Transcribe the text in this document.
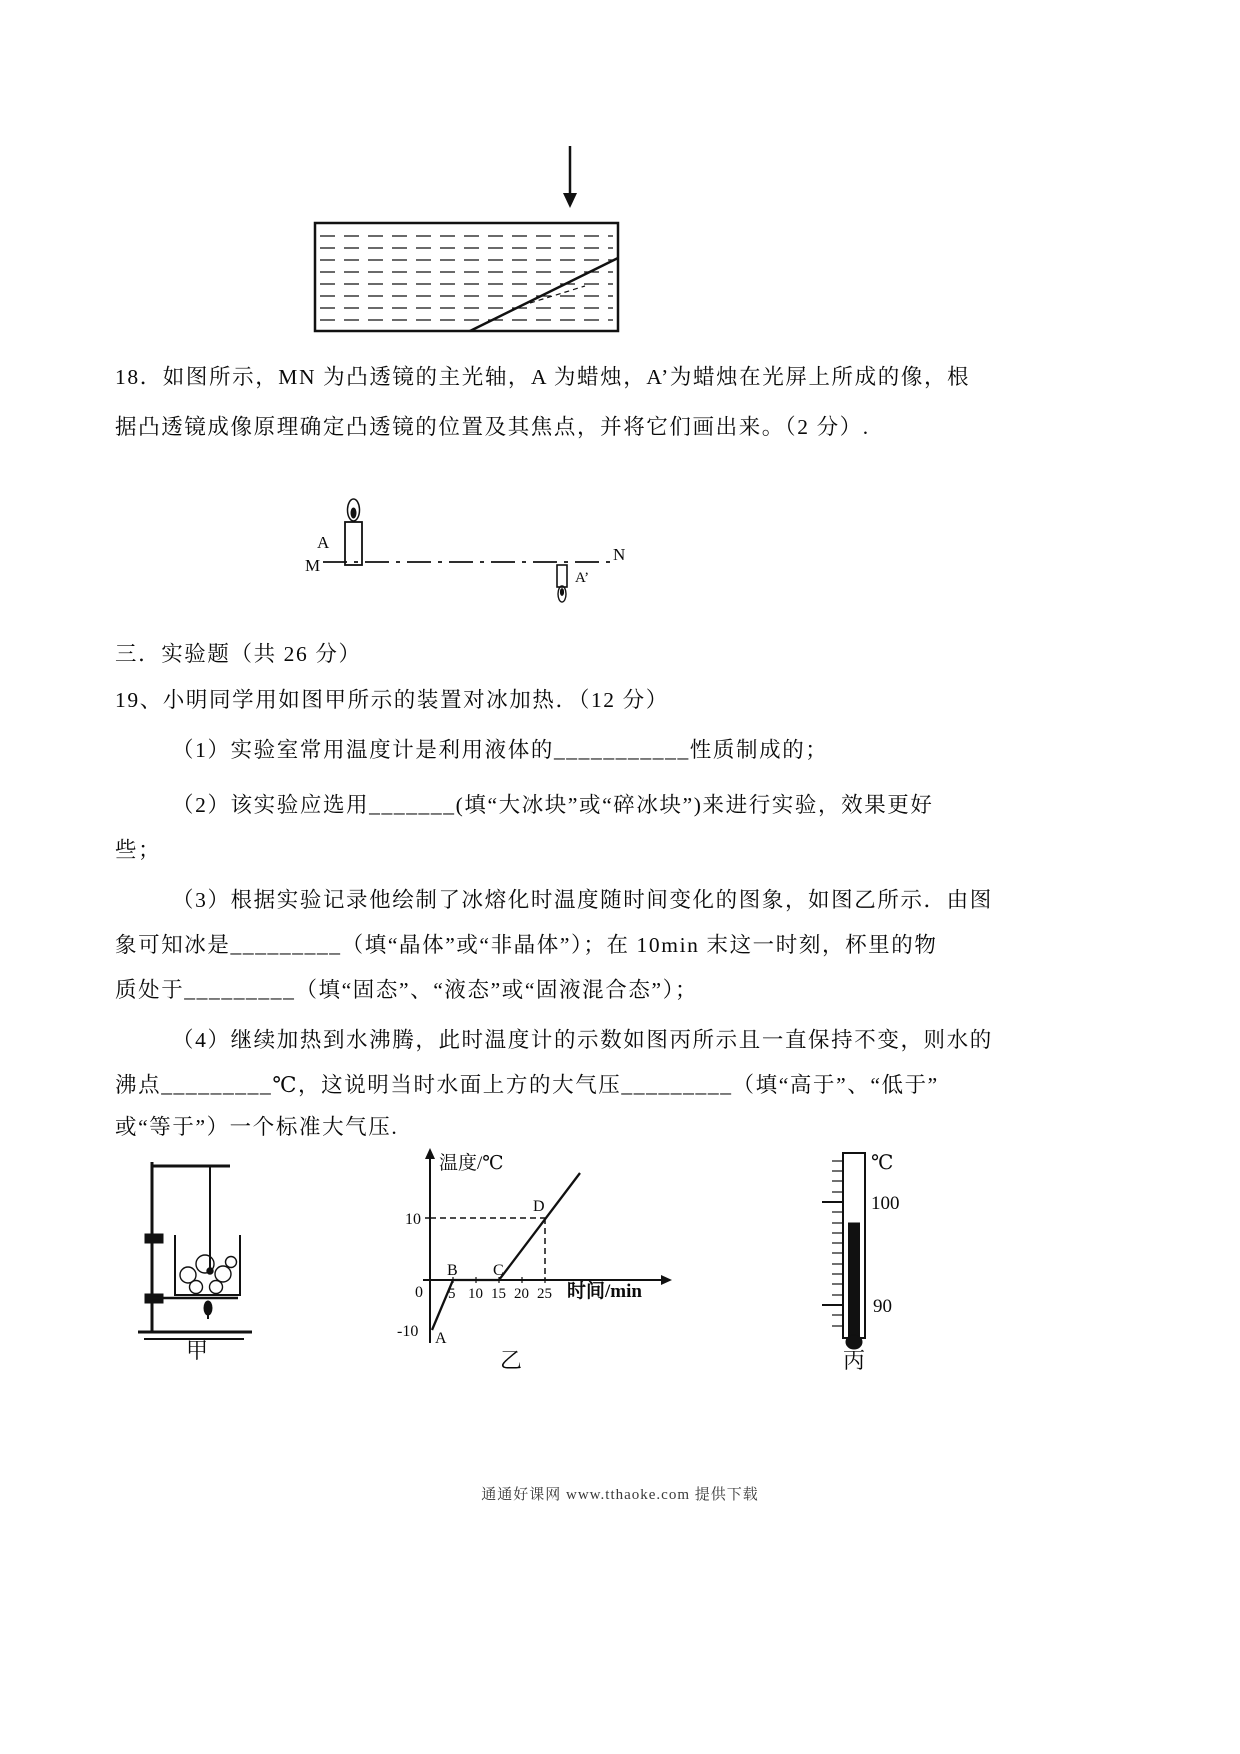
18．如图所示，MN 为凸透镜的主光轴，A 为蜡烛，A’为蜡烛在光屏上所成的像，根
据凸透镜成像原理确定凸透镜的位置及其焦点，并将它们画出来。（2 分）.
A
M
N
A’
三．实验题（共 26 分）
19、小明同学用如图甲所示的装置对冰加热．（12 分）
（1）实验室常用温度计是利用液体的___________性质制成的；
（2）该实验应选用_______(填“大冰块”或“碎冰块”)来进行实验，效果更好
些；
（3）根据实验记录他绘制了冰熔化时温度随时间变化的图象，如图乙所示．由图
象可知冰是_________（填“晶体”或“非晶体”）；在 10min 末这一时刻，杯里的物
质处于_________（填“固态”、“液态”或“固液混合态”）；
（4）继续加热到水沸腾，此时温度计的示数如图丙所示且一直保持不变，则水的
沸点_________℃，这说明当时水面上方的大气压_________（填“高于”、“低于”
或“等于”）一个标准大气压.
甲
温度/℃
10
0
-10
5 10 15 20 25
A
B C
D
时间/min
乙
℃
100
90
丙
通通好课网 www.tthaoke.com 提供下载
